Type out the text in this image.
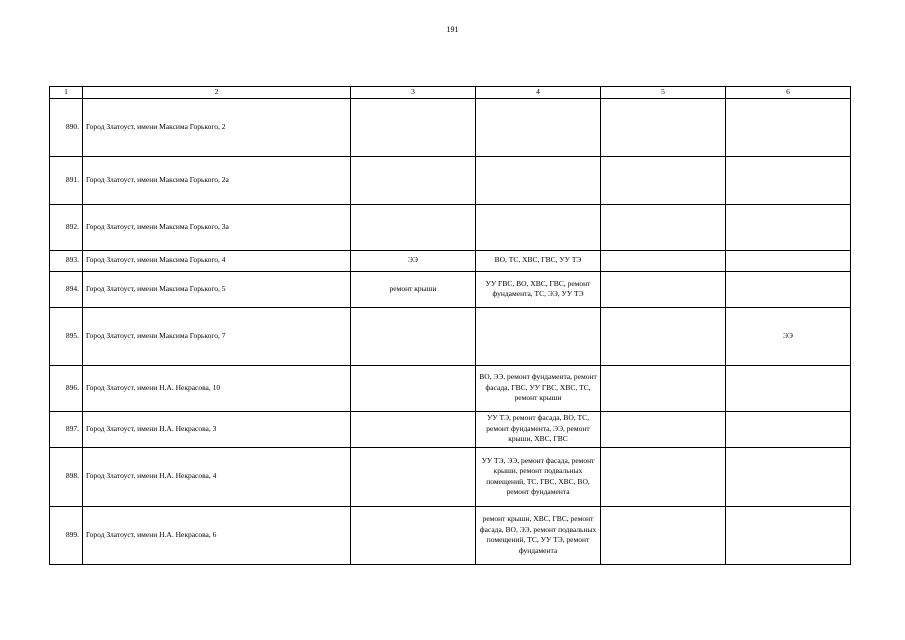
191
1	2	3	4	5	6
890.	Город Златоуст, имени Максима Горького, 2				
891.	Город Златоуст, имени Максима Горького, 2а				
892.	Город Златоуст, имени Максима Горького, 3а				
893.	Город Златоуст, имени Максима Горького, 4	ЭЭ	ВО, ТС, ХВС, ГВС, УУ ТЭ		
894.	Город Златоуст, имени Максима Горького, 5	ремонт крыши	УУ ГВС, ВО, ХВС, ГВС, ремонт фундамента, ТС, ЭЭ, УУ ТЭ		
895.	Город Златоуст, имени Максима Горького, 7				ЭЭ
896.	Город Златоуст, имени Н.А. Некрасова, 10		ВО, ЭЭ, ремонт фундамента, ремонт фасада, ГВС, УУ ГВС, ХВС, ТС, ремонт крыши		
897.	Город Златоуст, имени Н.А. Некрасова, 3		УУ ТЭ, ремонт фасада, ВО, ТС, ремонт фундамента, ЭЭ, ремонт крыши, ХВС, ГВС		
898.	Город Златоуст, имени Н.А. Некрасова, 4		УУ ТЭ, ЭЭ, ремонт фасада, ремонт крыши, ремонт подвальных помещений, ТС, ГВС, ХВС, ВО, ремонт фундамента		
899.	Город Златоуст, имени Н.А. Некрасова, 6		ремонт крыши, ХВС, ГВС, ремонт фасада, ВО, ЭЭ, ремонт подвальных помещений, ТС, УУ ТЭ, ремонт фундамента		
